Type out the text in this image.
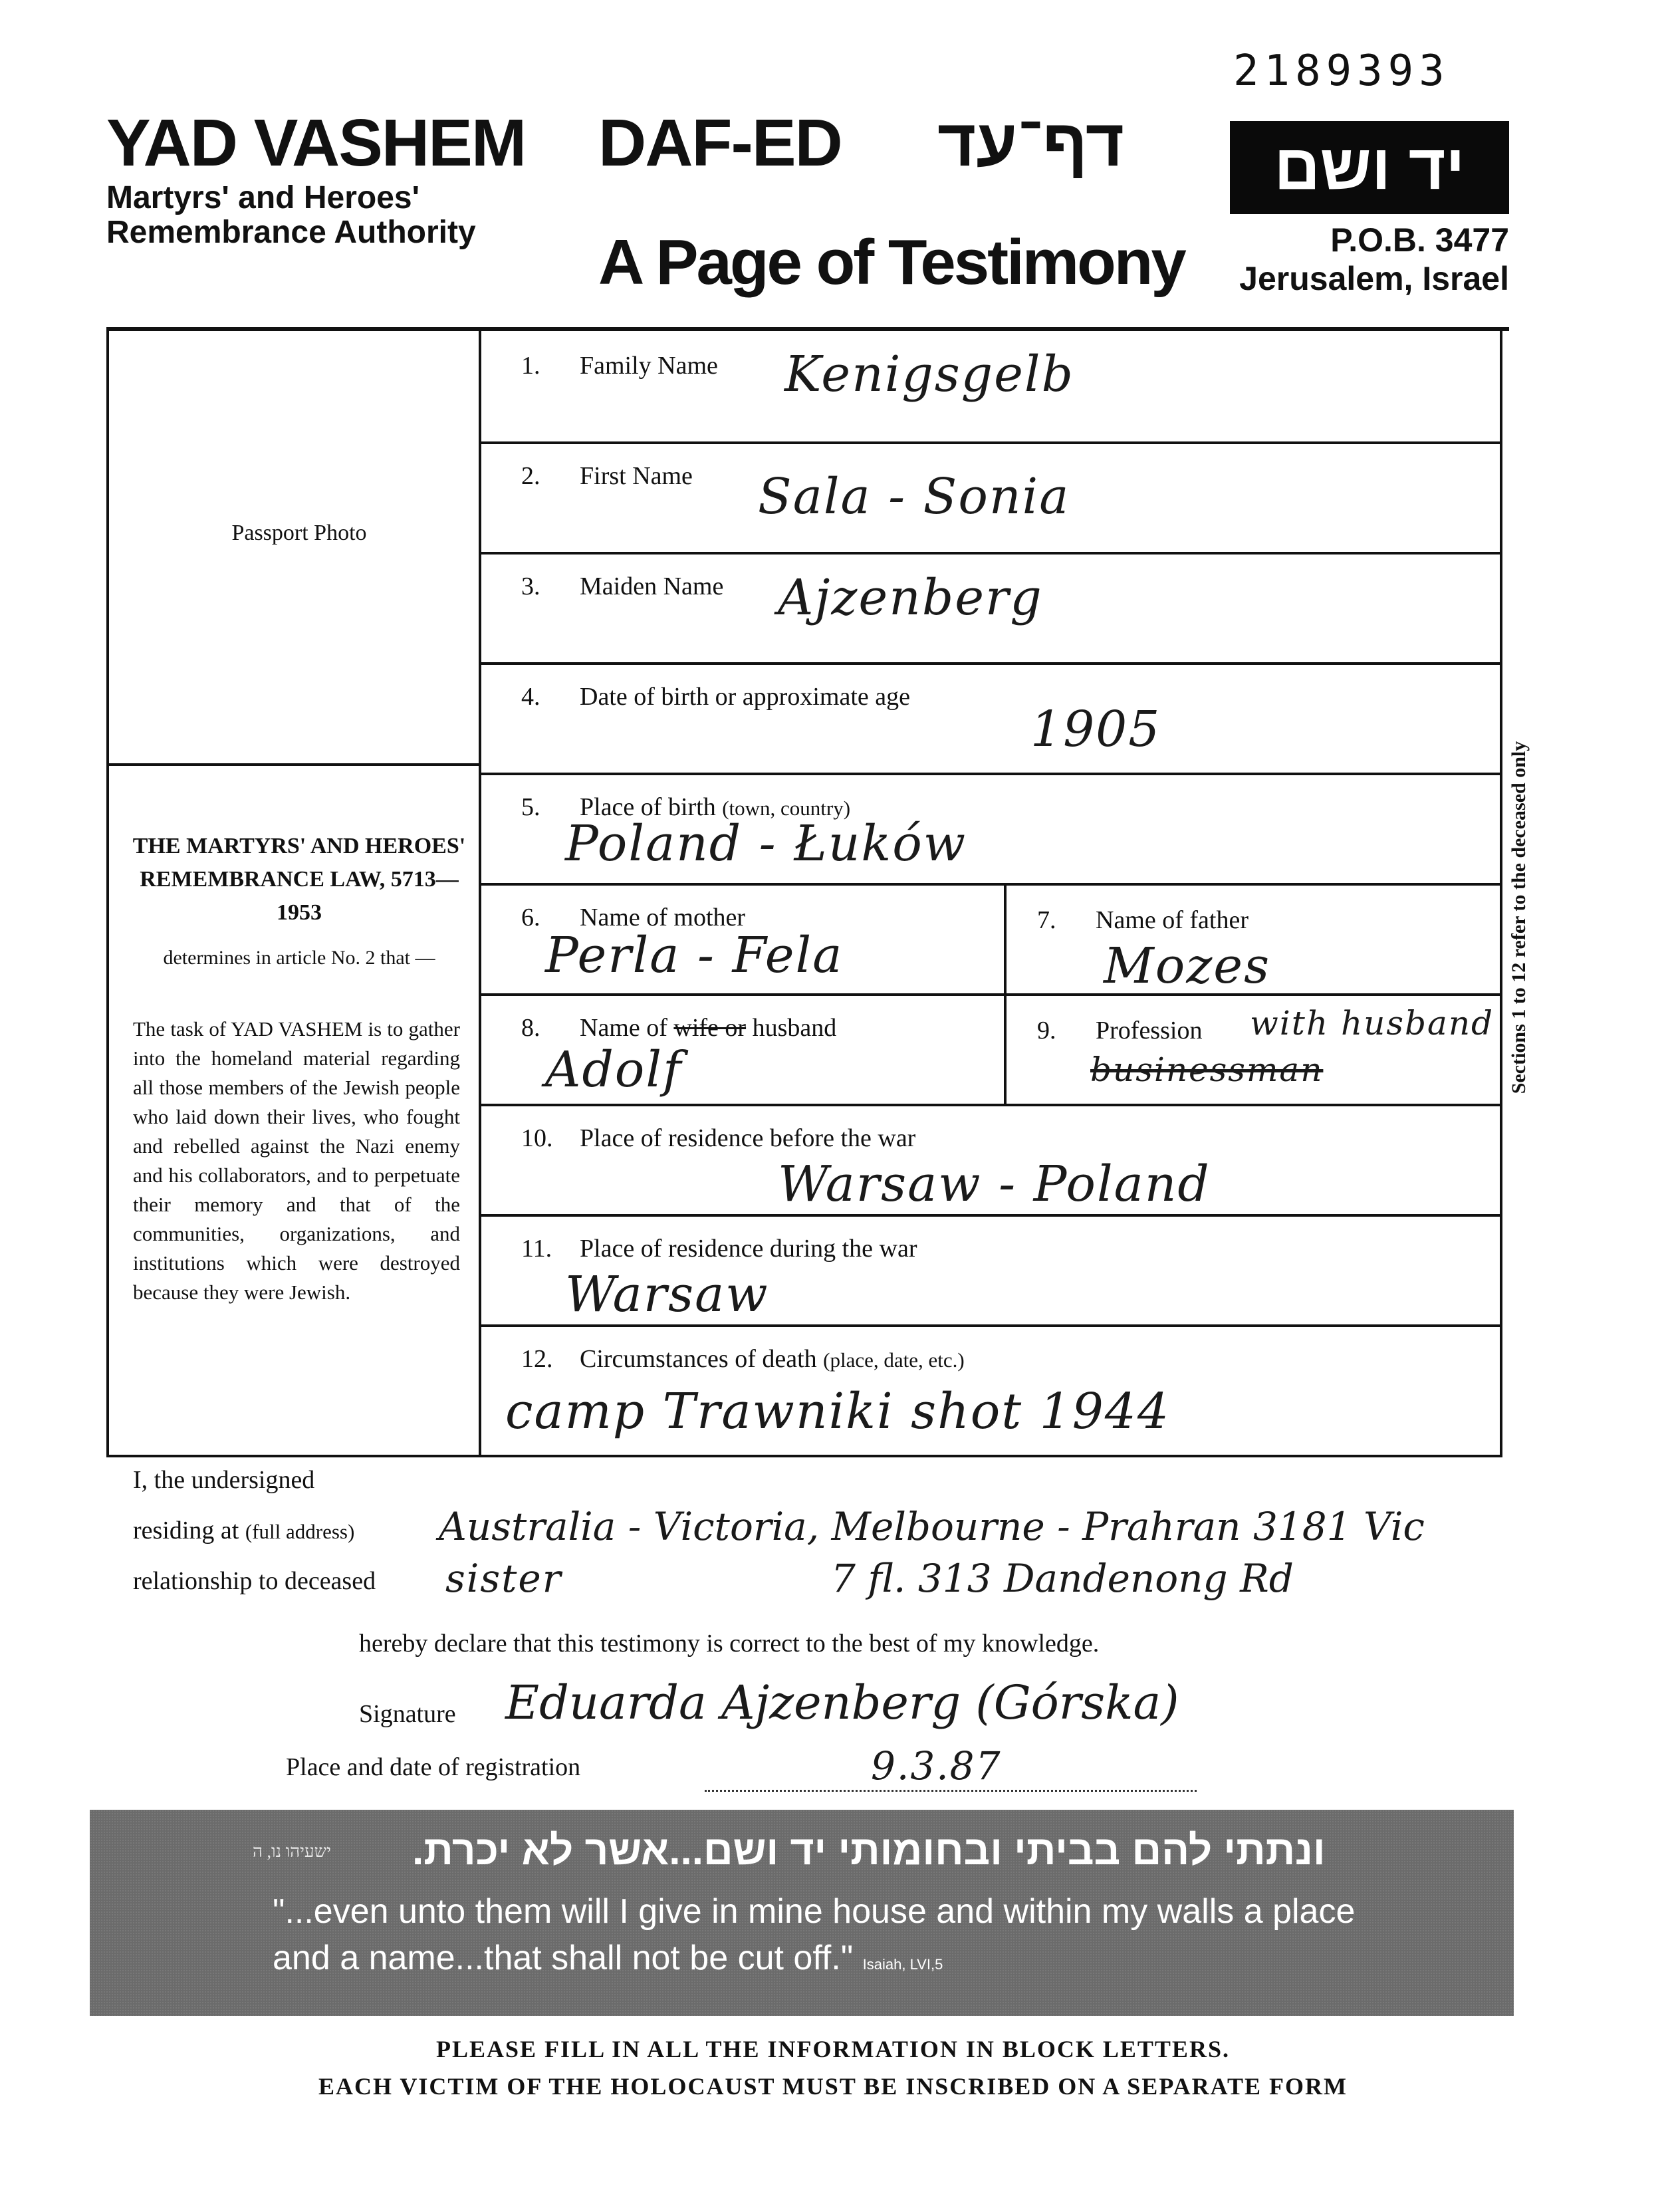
2189393
YAD VASHEM
Martyrs' and Heroes' Remembrance Authority
DAF-ED דף־עד
A Page of Testimony
יד ושם
P.O.B. 3477
Jerusalem, Israel
Passport Photo
THE MARTYRS' AND HEROES' REMEMBRANCE LAW, 5713—1953
determines in article No. 2 that —
The task of YAD VASHEM is to gather into the homeland material regarding all those members of the Jewish people who laid down their lives, who fought and rebelled against the Nazi enemy and his collaborators, and to perpetuate their memory and that of the communities, organizations, and institutions which were destroyed because they were Jewish.
1. Family Name Kenigsgelb
2. First Name Sala - Sonia
3. Maiden Name Ajzenberg
4. Date of birth or approximate age
1905
5. Place of birth (town, country)
Poland - Łuków
6. Name of mother
Perla - Fela
7. Name of father
Mozes
8. Name of wife or husband
Adolf
9. Profession with husband
businessman
10. Place of residence before the war
Warsaw - Poland
11. Place of residence during the war
Warsaw
12. Circumstances of death (place, date, etc.)
camp Trawniki shot 1944
Sections 1 to 12 refer to the deceased only
I, the undersigned
residing at (full address) Australia - Victoria, Melbourne - Prahran 3181 Vic
relationship to deceased sister	7 fl. 313 Dandenong Rd
hereby declare that this testimony is correct to the best of my knowledge.
Signature Eduarda Ajzenberg (Górska)
Place and date of registration	9.3.87
ישעיהו נו, ה ונתתי להם בביתי ובחומותי יד ושם...אשר לא יכרת.
"...even unto them will I give in mine house and within my walls a place and a name...that shall not be cut off." Isaiah, LVI,5
PLEASE FILL IN ALL THE INFORMATION IN BLOCK LETTERS.
EACH VICTIM OF THE HOLOCAUST MUST BE INSCRIBED ON A SEPARATE FORM
